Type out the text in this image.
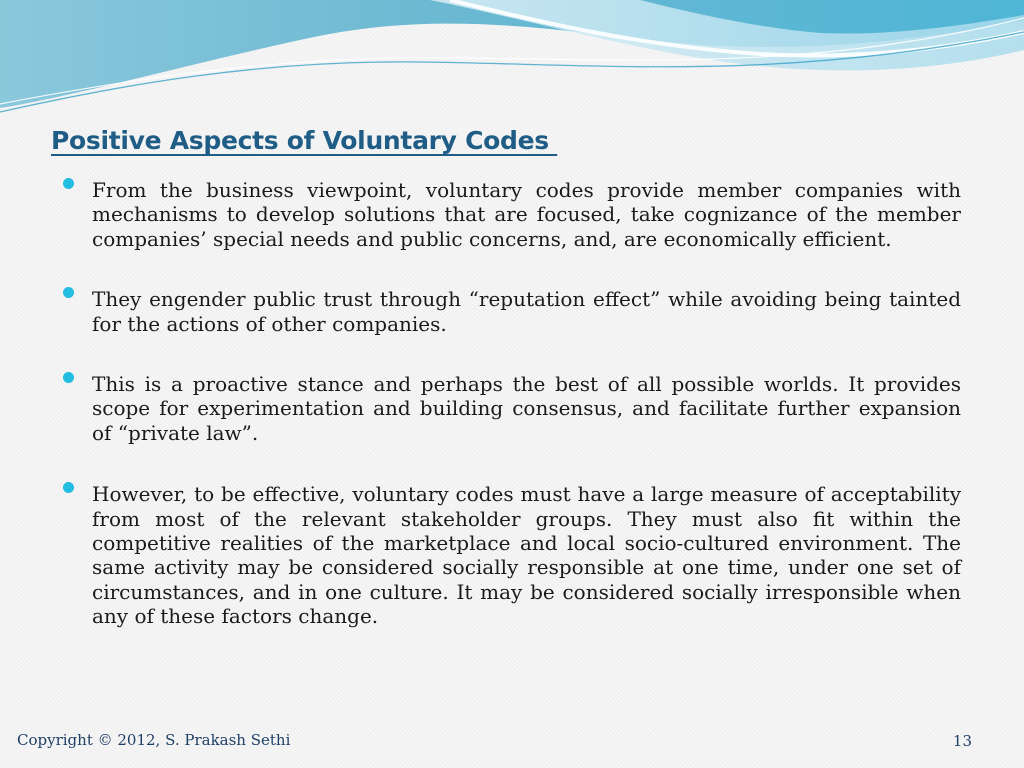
Positive Aspects of Voluntary Codes
From the business viewpoint, voluntary codes provide member companies with mechanisms to develop solutions that are focused, take cognizance of the member companies’ special needs and public concerns, and, are economically efficient.
They engender public trust through “reputation effect” while avoiding being tainted for the actions of other companies.
This is a proactive stance and perhaps the best of all possible worlds. It provides scope for experimentation and building consensus, and facilitate further expansion of “private law”.
However, to be effective, voluntary codes must have a large measure of acceptability from most of the relevant stakeholder groups. They must also fit within the competitive realities of the marketplace and local socio-cultured environment. The same activity may be considered socially responsible at one time, under one set of circumstances, and in one culture. It may be considered socially irresponsible when any of these factors change.
Copyright © 2012, S. Prakash Sethi	13
